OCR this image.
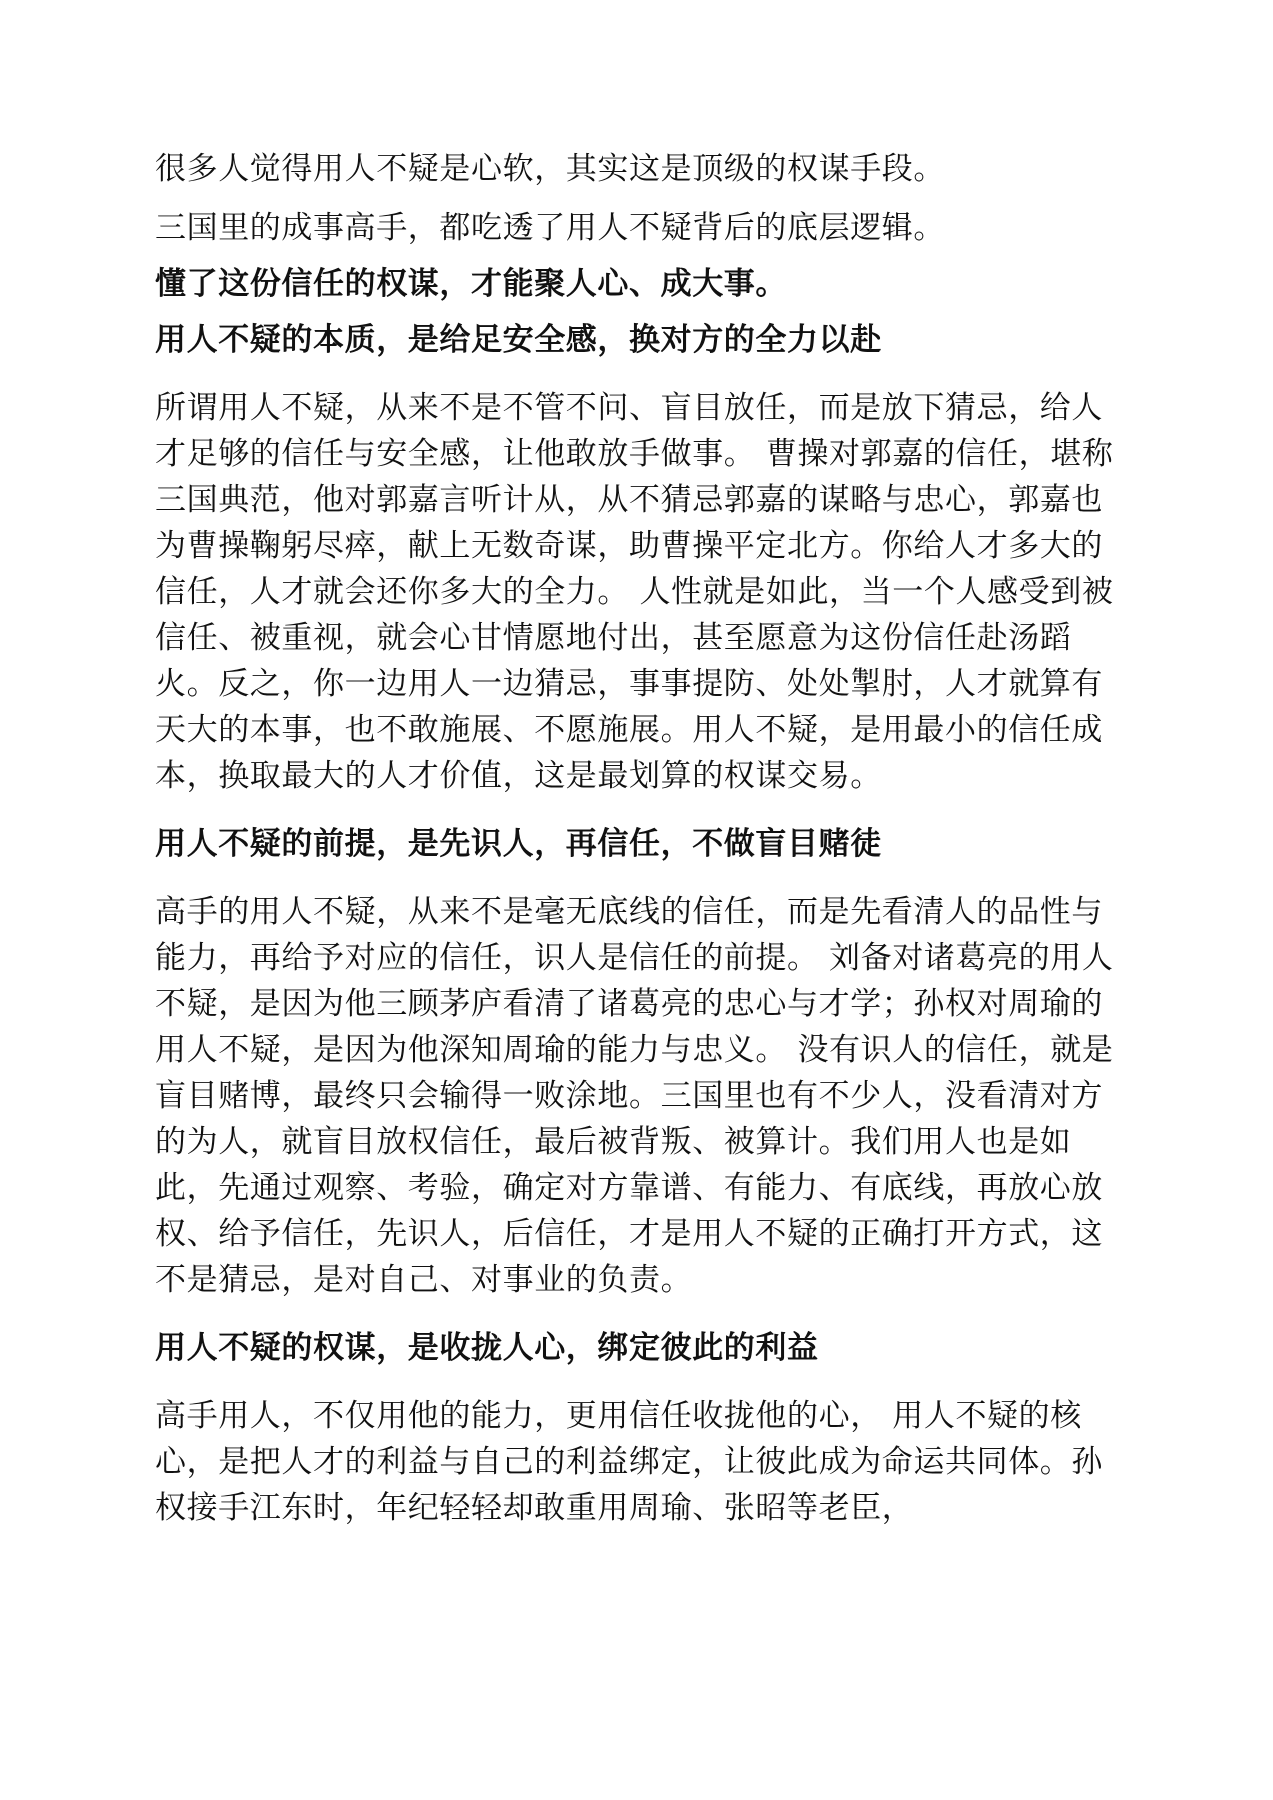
很多人觉得用人不疑是心软，其实这是顶级的权谋手段。

三国里的成事高手，都吃透了用人不疑背后的底层逻辑。

懂了这份信任的权谋，才能聚人心、成大事。

用人不疑的本质，是给足安全感，换对方的全力以赴

所谓用人不疑，从来不是不管不问、盲目放任，而是放下猜忌，给人才足够的信任与安全感，让他敢放手做事。 曹操对郭嘉的信任，堪称三国典范，他对郭嘉言听计从，从不猜忌郭嘉的谋略与忠心，郭嘉也为曹操鞠躬尽瘁，献上无数奇谋，助曹操平定北方。你给人才多大的信任，人才就会还你多大的全力。 人性就是如此，当一个人感受到被信任、被重视，就会心甘情愿地付出，甚至愿意为这份信任赴汤蹈火。反之，你一边用人一边猜忌，事事提防、处处掣肘，人才就算有天大的本事，也不敢施展、不愿施展。用人不疑，是用最小的信任成本，换取最大的人才价值，这是最划算的权谋交易。

用人不疑的前提，是先识人，再信任，不做盲目赌徒

高手的用人不疑，从来不是毫无底线的信任，而是先看清人的品性与能力，再给予对应的信任，识人是信任的前提。 刘备对诸葛亮的用人不疑，是因为他三顾茅庐看清了诸葛亮的忠心与才学；孙权对周瑜的用人不疑，是因为他深知周瑜的能力与忠义。 没有识人的信任，就是盲目赌博，最终只会输得一败涂地。三国里也有不少人，没看清对方的为人，就盲目放权信任，最后被背叛、被算计。我们用人也是如此，先通过观察、考验，确定对方靠谱、有能力、有底线，再放心放权、给予信任，先识人，后信任，才是用人不疑的正确打开方式，这不是猜忌，是对自己、对事业的负责。

用人不疑的权谋，是收拢人心，绑定彼此的利益

高手用人，不仅用他的能力，更用信任收拢他的心， 用人不疑的核心，是把人才的利益与自己的利益绑定，让彼此成为命运共同体。孙权接手江东时，年纪轻轻却敢重用周瑜、张昭等老臣，
